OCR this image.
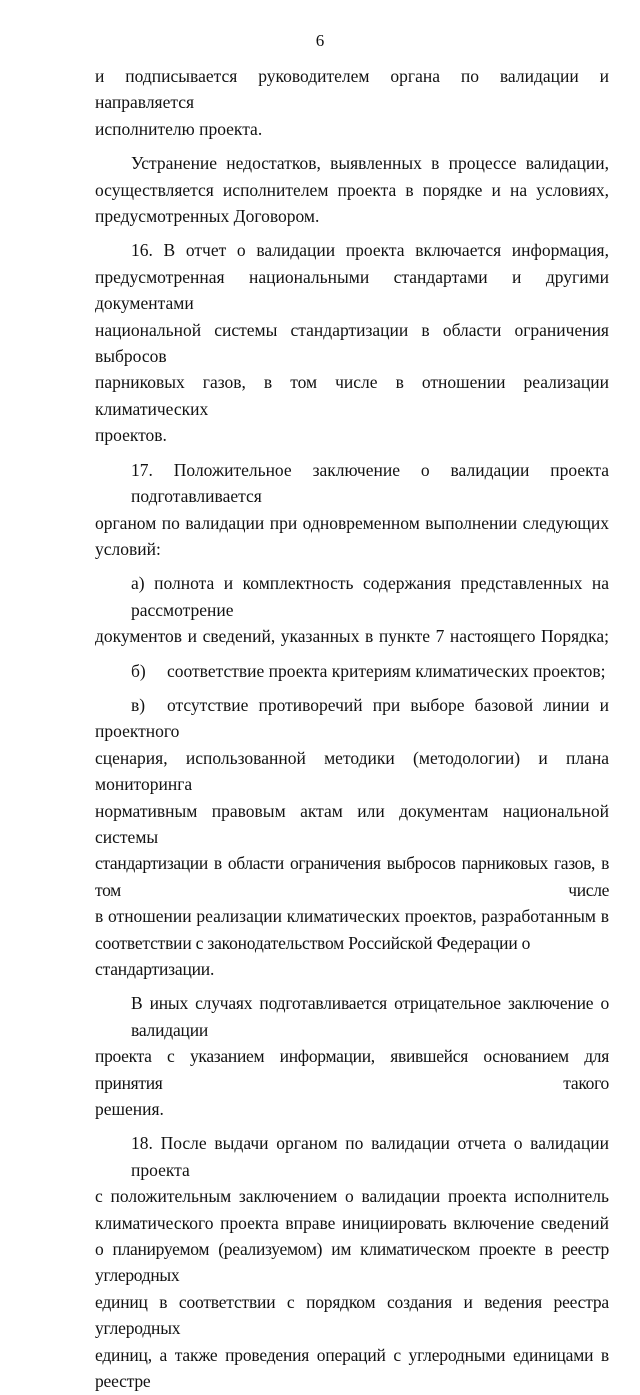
6

и подписывается руководителем органа по валидации и направляется
исполнителю проекта.

Устранение недостатков, выявленных в процессе валидации,
осуществляется исполнителем проекта в порядке и на условиях,
предусмотренных Договором.

16. В отчет о валидации проекта включается информация,
предусмотренная национальными стандартами и другими документами
национальной системы стандартизации в области ограничения выбросов
парниковых газов, в том числе в отношении реализации климатических
проектов.

17. Положительное заключение о валидации проекта подготавливается
органом по валидации при одновременном выполнении следующих условий:

а) полнота и комплектность содержания представленных на рассмотрение
документов и сведений, указанных в пункте 7 настоящего Порядка;

б) соответствие проекта критериям климатических проектов;

в) отсутствие противоречий при выборе базовой линии и проектного
сценария, использованной методики (методологии) и плана мониторинга
нормативным правовым актам или документам национальной системы
стандартизации в области ограничения выбросов парниковых газов, в том числе
в отношении реализации климатических проектов, разработанным в
соответствии с законодательством Российской Федерации о стандартизации.

В иных случаях подготавливается отрицательное заключение о валидации
проекта с указанием информации, явившейся основанием для принятия такого
решения.

18. После выдачи органом по валидации отчета о валидации проекта
с положительным заключением о валидации проекта исполнитель
климатического проекта вправе инициировать включение сведений
о планируемом (реализуемом) им климатическом проекте в реестр углеродных
единиц в соответствии с порядком создания и ведения реестра углеродных
единиц, а также проведения операций с углеродными единицами в реестре
